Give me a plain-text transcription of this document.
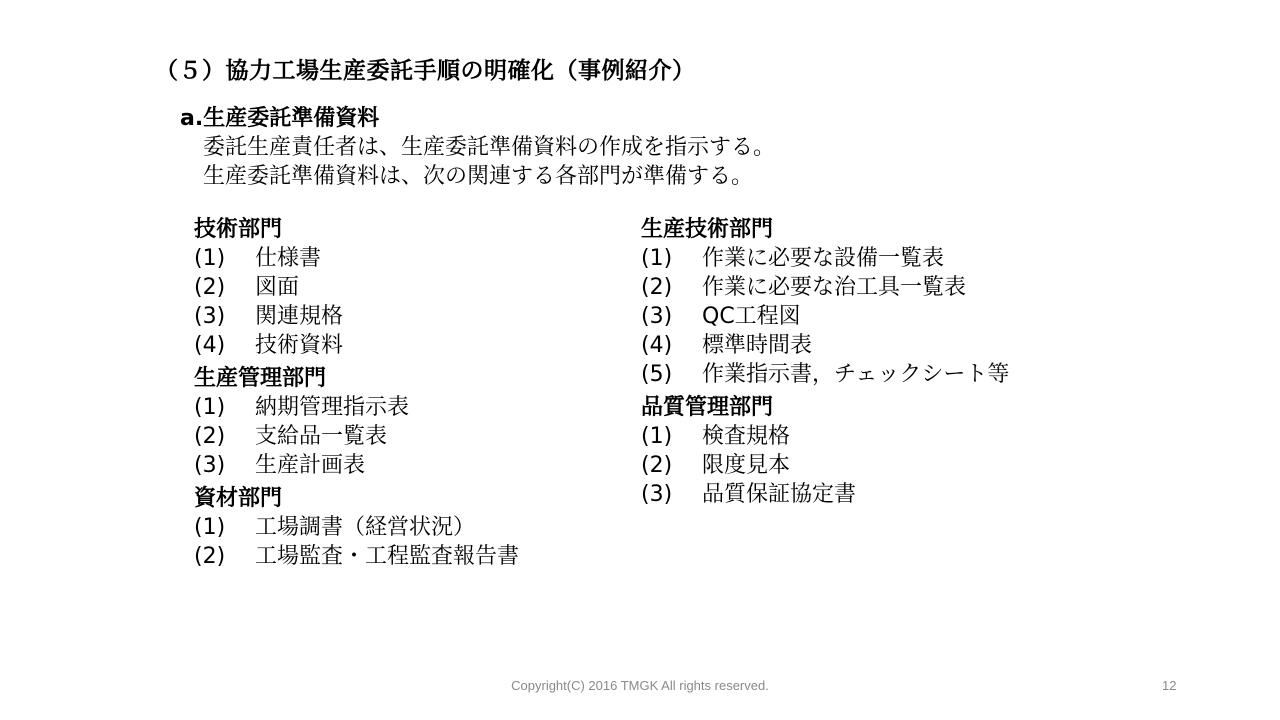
（５）協力工場生産委託手順の明確化（事例紹介）
a.生産委託準備資料
委託生産責任者は、生産委託準備資料の作成を指示する。
生産委託準備資料は、次の関連する各部門が準備する。
技術部門
(1)	仕様書
(2)	図面
(3)	関連規格
(4)	技術資料
生産管理部門
(1)	納期管理指示表
(2)	支給品一覧表
(3)	生産計画表
資材部門
(1)	工場調書（経営状況）
(2)	工場監査・工程監査報告書
生産技術部門
(1)	作業に必要な設備一覧表
(2)	作業に必要な治工具一覧表
(3)	QC工程図
(4)	標準時間表
(5)	作業指示書，チェックシート等
品質管理部門
(1)	検査規格
(2)	限度見本
(3)	品質保証協定書
Copyright(C) 2016 TMGK All rights reserved.	12
